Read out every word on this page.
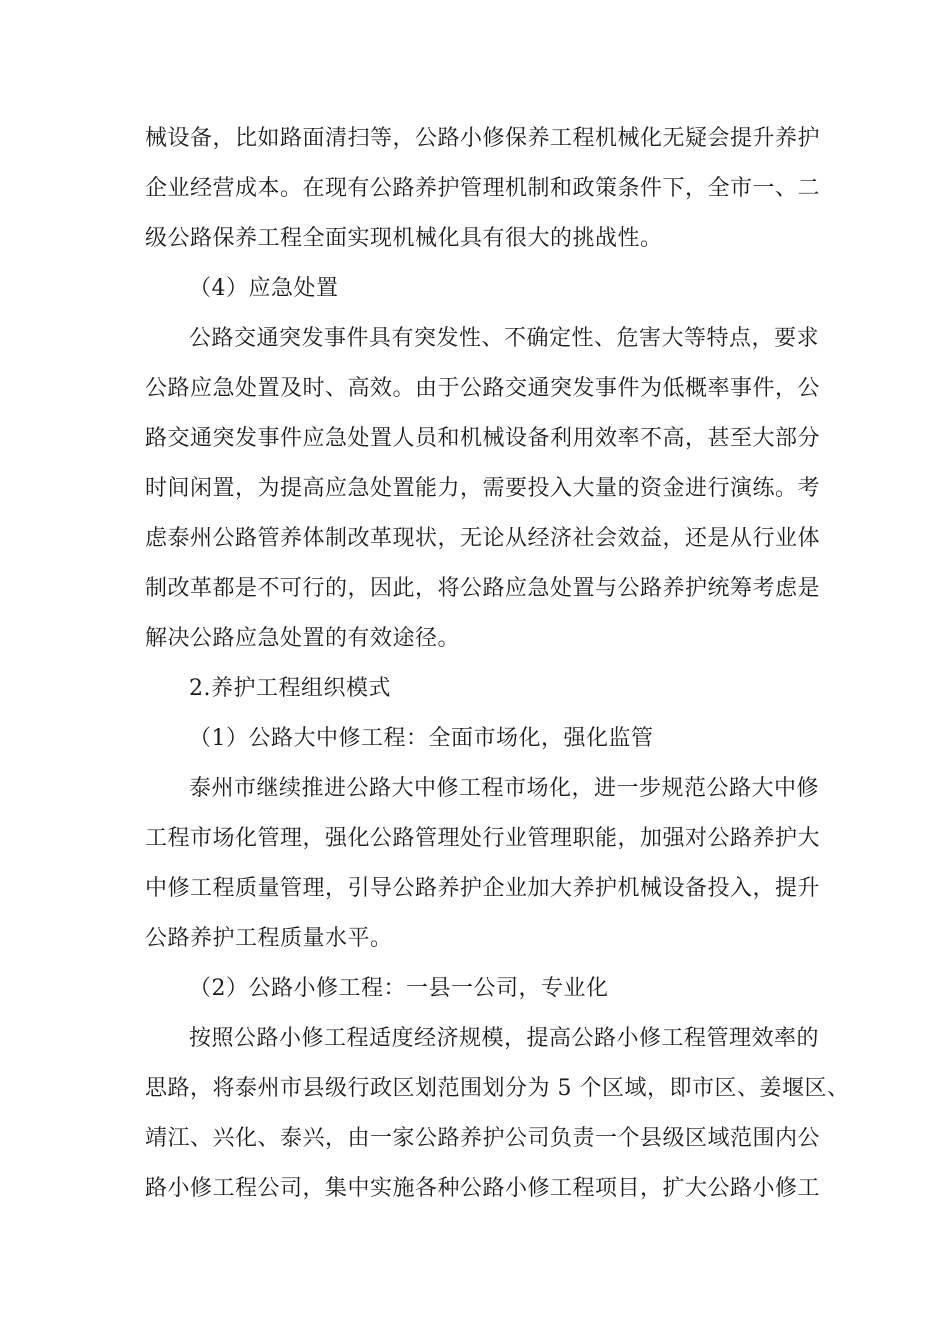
械设备，比如路面清扫等，公路小修保养工程机械化无疑会提升养护
企业经营成本。在现有公路养护管理机制和政策条件下，全市一、二
级公路保养工程全面实现机械化具有很大的挑战性。
（4）应急处置
公路交通突发事件具有突发性、不确定性、危害大等特点，要求
公路应急处置及时、高效。由于公路交通突发事件为低概率事件，公
路交通突发事件应急处置人员和机械设备利用效率不高，甚至大部分
时间闲置，为提高应急处置能力，需要投入大量的资金进行演练。考
虑泰州公路管养体制改革现状，无论从经济社会效益，还是从行业体
制改革都是不可行的，因此，将公路应急处置与公路养护统筹考虑是
解决公路应急处置的有效途径。
2.养护工程组织模式
（1）公路大中修工程：全面市场化，强化监管
泰州市继续推进公路大中修工程市场化，进一步规范公路大中修
工程市场化管理，强化公路管理处行业管理职能，加强对公路养护大
中修工程质量管理，引导公路养护企业加大养护机械设备投入，提升
公路养护工程质量水平。
（2）公路小修工程：一县一公司，专业化
按照公路小修工程适度经济规模，提高公路小修工程管理效率的
思路，将泰州市县级行政区划范围划分为 5 个区域，即市区、姜堰区、
靖江、兴化、泰兴，由一家公路养护公司负责一个县级区域范围内公
路小修工程公司，集中实施各种公路小修工程项目，扩大公路小修工
